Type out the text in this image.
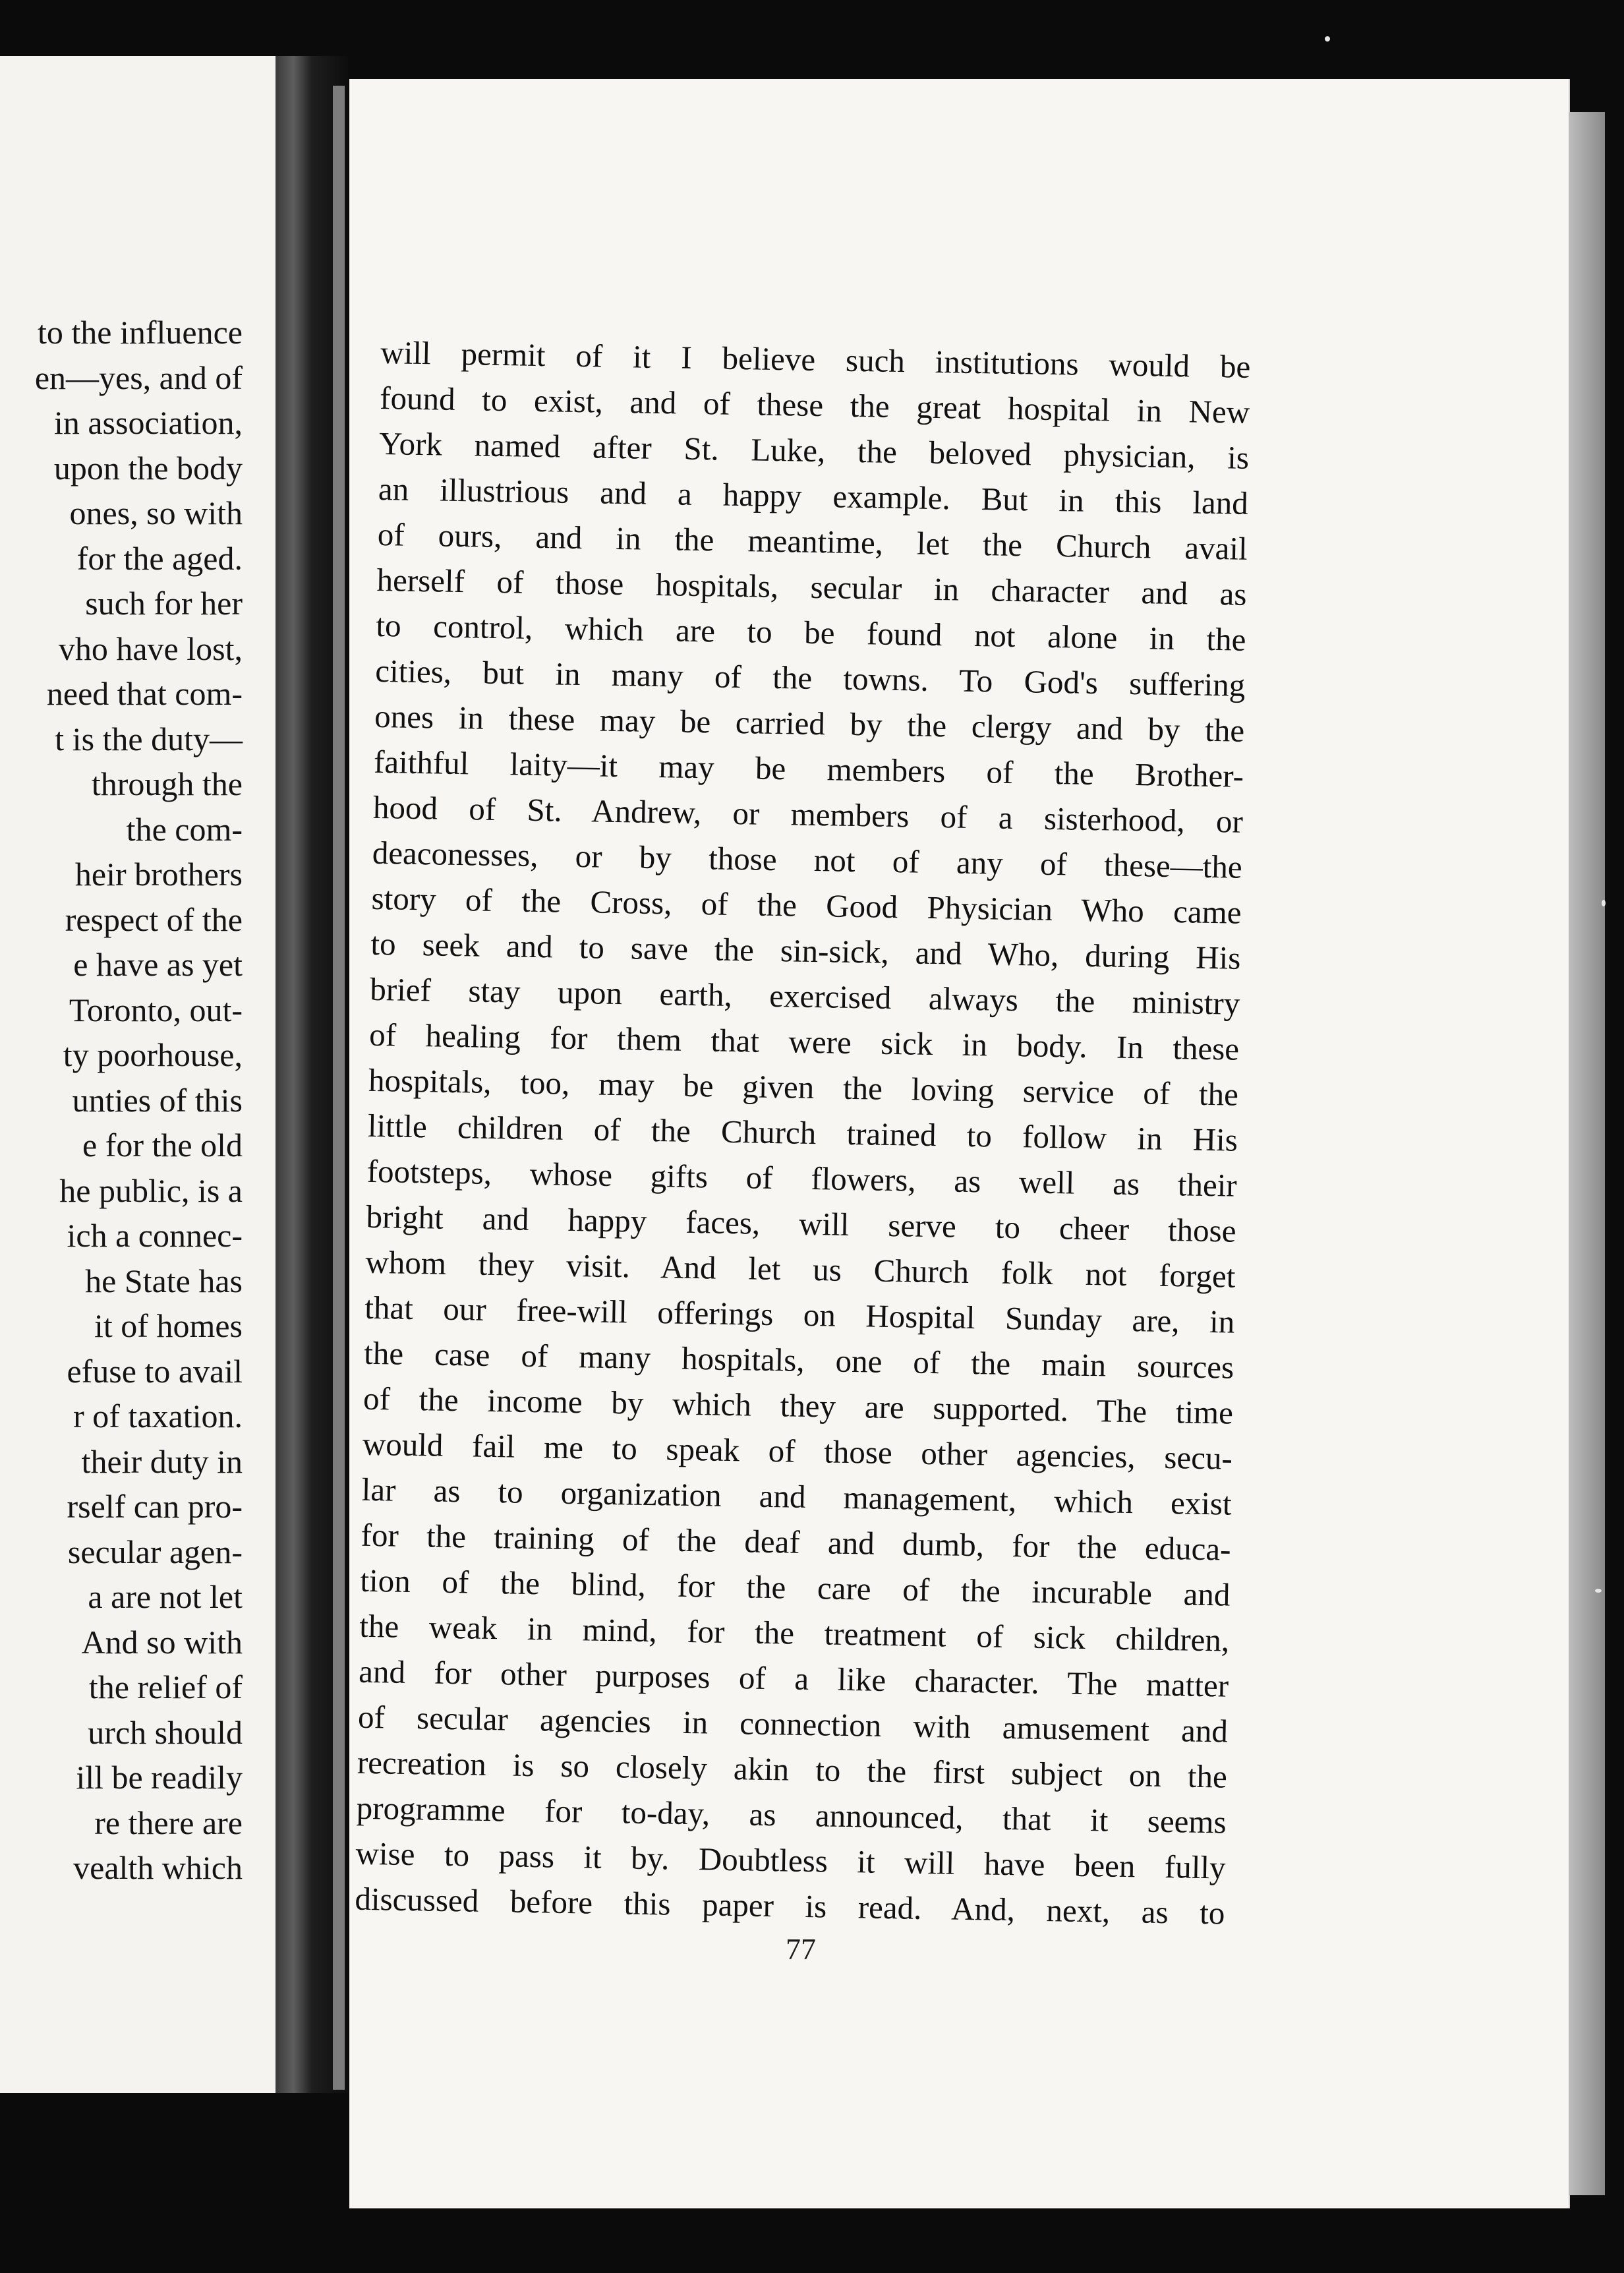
to the influence
en—yes, and of
in association,
upon the body
ones, so with
for the aged.
such for her
vho have lost,
need that com-
t is the duty—
through the
the com-
heir brothers
respect of the
e have as yet
Toronto, out-
ty poorhouse,
unties of this
e for the old
he public, is a
ich a connec-
he State has
it of homes
efuse to avail
r of taxation.
their duty in
rself can pro-
secular agen-
a are not let
And so with
the relief of
urch should
ill be readily
re there are
vealth which
will permit of it I believe such institutions would be
found to exist, and of these the great hospital in New
York named after St. Luke, the beloved physician, is
an illustrious and a happy example. But in this land
of ours, and in the meantime, let the Church avail
herself of those hospitals, secular in character and as
to control, which are to be found not alone in the
cities, but in many of the towns. To God's suffering
ones in these may be carried by the clergy and by the
faithful laity—it may be members of the Brother-
hood of St. Andrew, or members of a sisterhood, or
deaconesses, or by those not of any of these—the
story of the Cross, of the Good Physician Who came
to seek and to save the sin-sick, and Who, during His
brief stay upon earth, exercised always the ministry
of healing for them that were sick in body. In these
hospitals, too, may be given the loving service of the
little children of the Church trained to follow in His
footsteps, whose gifts of flowers, as well as their
bright and happy faces, will serve to cheer those
whom they visit. And let us Church folk not forget
that our free-will offerings on Hospital Sunday are, in
the case of many hospitals, one of the main sources
of the income by which they are supported. The time
would fail me to speak of those other agencies, secu-
lar as to organization and management, which exist
for the training of the deaf and dumb, for the educa-
tion of the blind, for the care of the incurable and
the weak in mind, for the treatment of sick children,
and for other purposes of a like character. The matter
of secular agencies in connection with amusement and
recreation is so closely akin to the first subject on the
programme for to-day, as announced, that it seems
wise to pass it by. Doubtless it will have been fully
discussed before this paper is read. And, next, as to
77
